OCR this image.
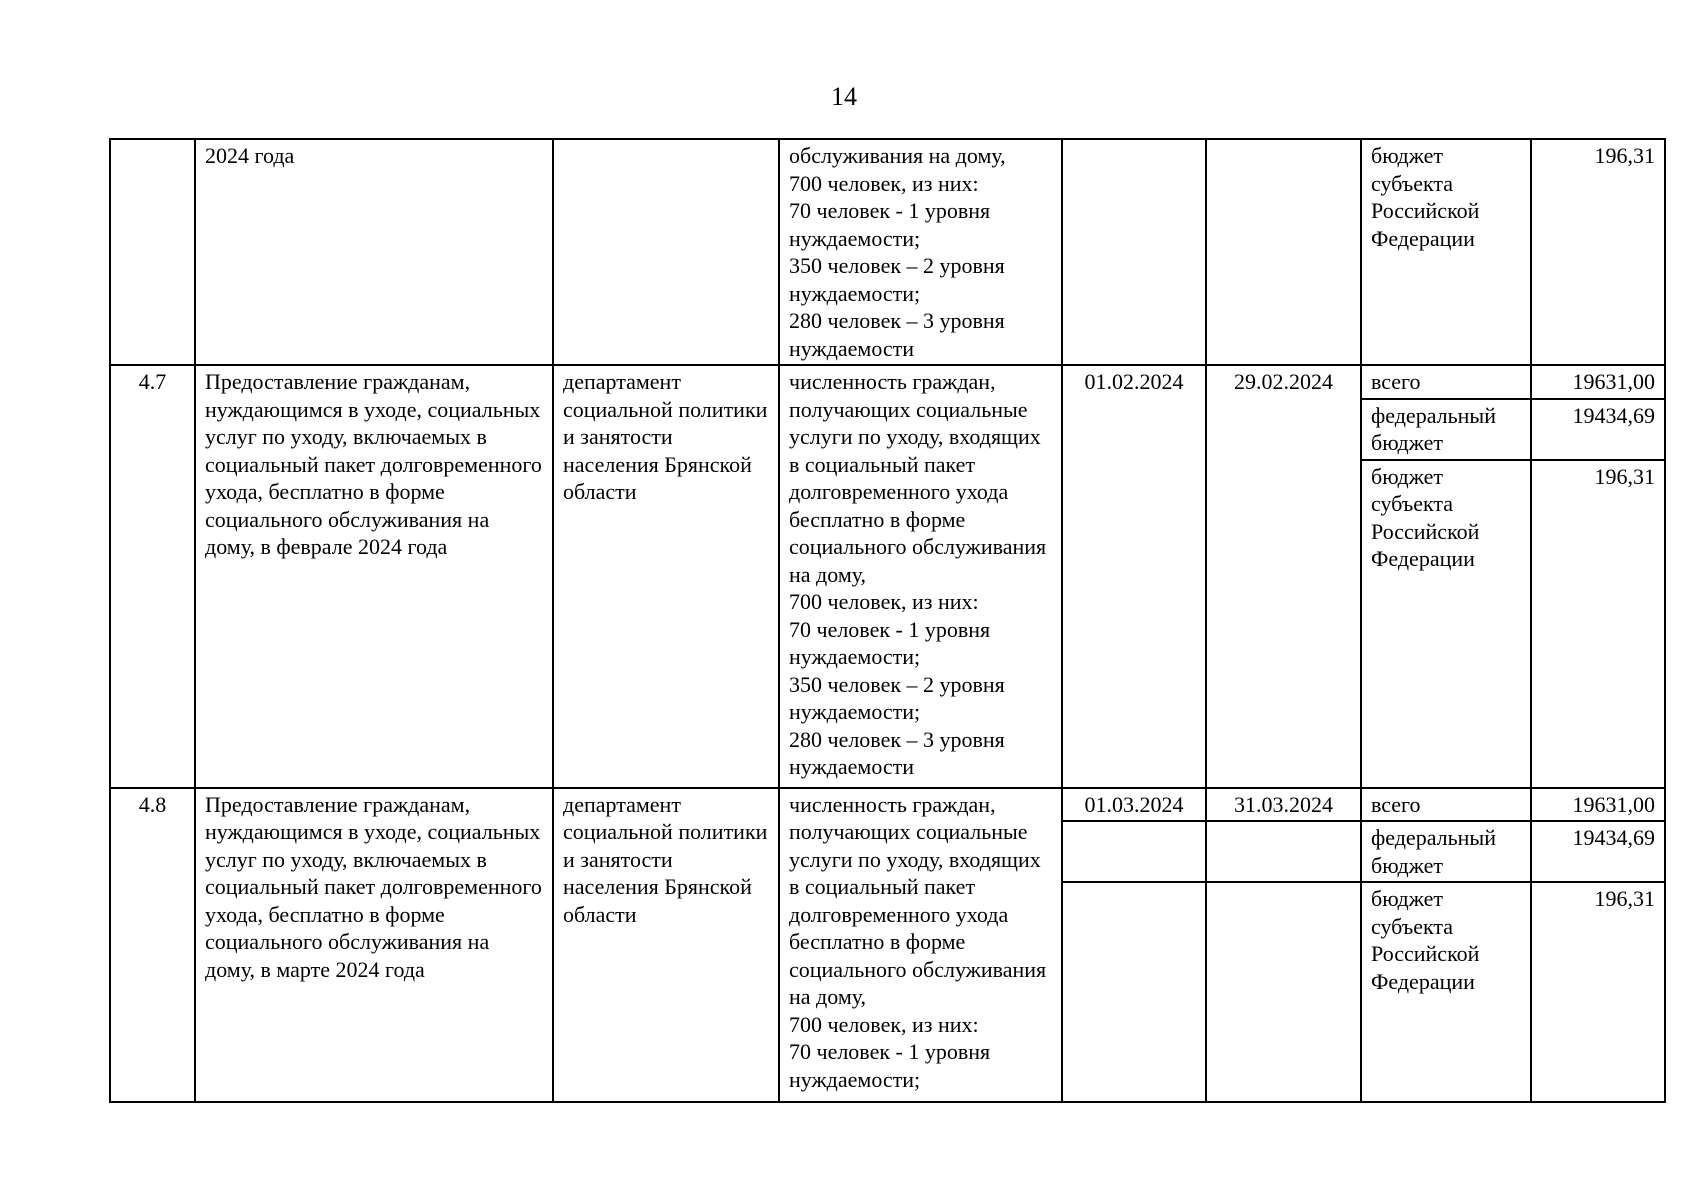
14
	2024 года		обслуживания на дому,
700 человек, из них:
70 человек - 1 уровня нуждаемости;
350 человек – 2 уровня нуждаемости;
280 человек – 3 уровня нуждаемости			бюджет субъекта Российской Федерации	196,31
4.7	Предоставление гражданам, нуждающимся в уходе, социальных услуг по уходу, включаемых в социальный пакет долговременного ухода, бесплатно в форме социального обслуживания на дому, в феврале 2024 года	департамент социальной политики и занятости населения Брянской области	численность граждан, получающих социальные услуги по уходу, входящих в социальный пакет долговременного ухода бесплатно в форме социального обслуживания на дому,
700 человек, из них:
70 человек - 1 уровня нуждаемости;
350 человек – 2 уровня нуждаемости;
280 человек – 3 уровня нуждаемости	01.02.2024	29.02.2024	всего	19631,00
						федеральный бюджет	19434,69
						бюджет субъекта Российской Федерации	196,31
4.8	Предоставление гражданам, нуждающимся в уходе, социальных услуг по уходу, включаемых в социальный пакет долговременного ухода, бесплатно в форме социального обслуживания на дому, в марте 2024 года	департамент социальной политики и занятости населения Брянской области	численность граждан, получающих социальные услуги по уходу, входящих в социальный пакет долговременного ухода бесплатно в форме социального обслуживания на дому,
700 человек, из них:
70 человек - 1 уровня нуждаемости;	01.03.2024	31.03.2024	всего	19631,00
						федеральный бюджет	19434,69
						бюджет субъекта Российской Федерации	196,31
